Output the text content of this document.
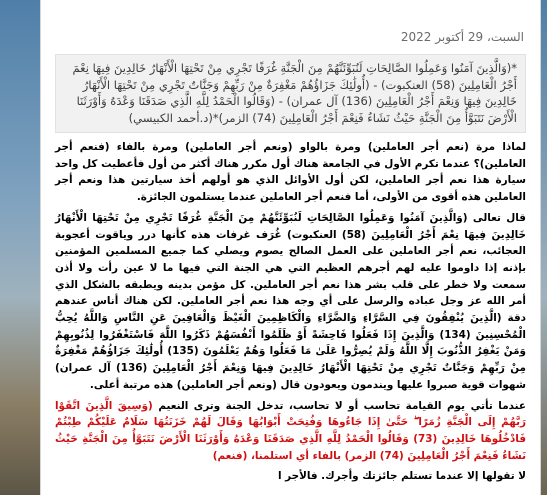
السبت، 29 أكتوبر 2022
*(وَالَّذِينَ آمَنُوا وَعَمِلُوا الصَّالِحَاتِ لَنُبَوِّئَنَّهُمْ مِنَ الْجَنَّةِ غُرَفًا تَجْرِي مِنْ تَحْتِهَا الْأَنْهَارُ خَالِدِينَ فِيهَا نِعْمَ أَجْرُ الْعَامِلِينَ (58) العنكبوت) - (أُولَٰئِكَ جَزَاؤُهُمْ مَغْفِرَةٌ مِنْ رَبِّهِمْ وَجَنَّاتٌ تَجْرِي مِنْ تَحْتِهَا الْأَنْهَارُ خَالِدِينَ فِيهَا وَنِعْمَ أَجْرُ الْعَامِلِينَ (136) آل عمران) - (وَقَالُوا الْحَمْدُ لِلَّهِ الَّذِي صَدَقَنَا وَعْدَهُ وَأَوْرَثَنَا الْأَرْضَ نَتَبَوَّأُ مِنَ الْجَنَّةِ حَيْثُ نَشَاءُ فَنِعْمَ أَجْرُ الْعَامِلِينَ (74) الزمر)*(د.أحمد الكبيسي)

لماذا مرة (نعم أجر العاملين) ومرة بالواو (ونعم أجر العاملين) ومرة بالفاء (فنعم أجر العاملين)؟ عندما تكرم الأول في الجامعة هناك أول مكرر هناك أكثر من أول فأعطيت كل واحد سيارة هذا نعم أجر العاملين، لكن أول الأوائل الذي هو أولهم أخذ سيارتين هذا ونعم أجر العاملين هذه أقوى من الأولى، أما فنعم أجر العاملين عندما يستلمون الجائزة.

قال تعالى (وَالَّذِينَ آمَنُوا وَعَمِلُوا الصَّالِحَاتِ لَنُبَوِّئَنَّهُمْ مِنَ الْجَنَّةِ غُرَفًا تَجْرِي مِنْ تَحْتِهَا الْأَنْهَارُ خَالِدِينَ فِيهَا نِعْمَ أَجْرُ الْعَامِلِينَ (58) العنكبوت) غُرَف غرفات هذه كأنها درر وياقوت أعجوبة العجائب، نعم أجر العاملين على العمل الصالح يصوم ويصلي كما جميع المسلمين المؤمنين بإذنه إذا داوموا عليه لهم أجرهم العظيم التي هي الجنة التي فيها ما لا عين رأت ولا أذن سمعت ولا خطر على قلب بشر هذا نعم أجر العاملين. كل مؤمن بدينه ويطبقه بالشكل الذي أمر الله عز وجل عباده والرسل على أي وجه هذا نعم أجر العاملين. لكن هناك أناس عندهم دقة (الَّذِينَ يُنْفِقُونَ فِي السَّرَّاءِ وَالضَّرَّاءِ وَالْكَاظِمِينَ الْغَيْظَ وَالْعَافِينَ عَنِ النَّاسِ وَاللَّهُ يُحِبُّ الْمُحْسِنِينَ (134) وَالَّذِينَ إِذَا فَعَلُوا فَاحِشَةً أَوْ ظَلَمُوا أَنْفُسَهُمْ ذَكَرُوا اللَّهَ فَاسْتَغْفَرُوا لِذُنُوبِهِمْ وَمَنْ يَغْفِرُ الذُّنُوبَ إِلَّا اللَّهُ وَلَمْ يُصِرُّوا عَلَىٰ مَا فَعَلُوا وَهُمْ يَعْلَمُونَ (135) أُولَٰئِكَ جَزَاؤُهُمْ مَغْفِرَةٌ مِنْ رَبِّهِمْ وَجَنَّاتٌ تَجْرِي مِنْ تَحْتِهَا الْأَنْهَارُ خَالِدِينَ فِيهَا وَنِعْمَ أَجْرُ الْعَامِلِينَ (136) آل عمران) شهوات قوية صبروا عليها ويندمون ويعودون قال (ونعم أجر العاملين) هذه مرتبة أعلى.

عندما تأتي يوم القيامة تحاسب أو لا تحاسب، تدخل الجنة وترى النعيم (وَسِيقَ الَّذِينَ اتَّقَوْا رَبَّهُمْ إِلَى الْجَنَّةِ زُمَرًا ۖ حَتَّىٰ إِذَا جَاءُوهَا وَفُتِحَتْ أَبْوَابُهَا وَقَالَ لَهُمْ خَزَنَتُهَا سَلَامٌ عَلَيْكُمْ طِبْتُمْ فَادْخُلُوهَا خَالِدِينَ (73) وَقَالُوا الْحَمْدُ لِلَّهِ الَّذِي صَدَقَنَا وَعْدَهُ وَأَوْرَثَنَا الْأَرْضَ نَتَبَوَّأُ مِنَ الْجَنَّةِ حَيْثُ نَشَاءُ فَنِعْمَ أَجْرُ الْعَامِلِينَ (74) الزمر) بالفاء أي استلمنا، (فنعم)

لا تقولها إلا عندما تستلم جائزتك وأجرك. فالأجر ا
